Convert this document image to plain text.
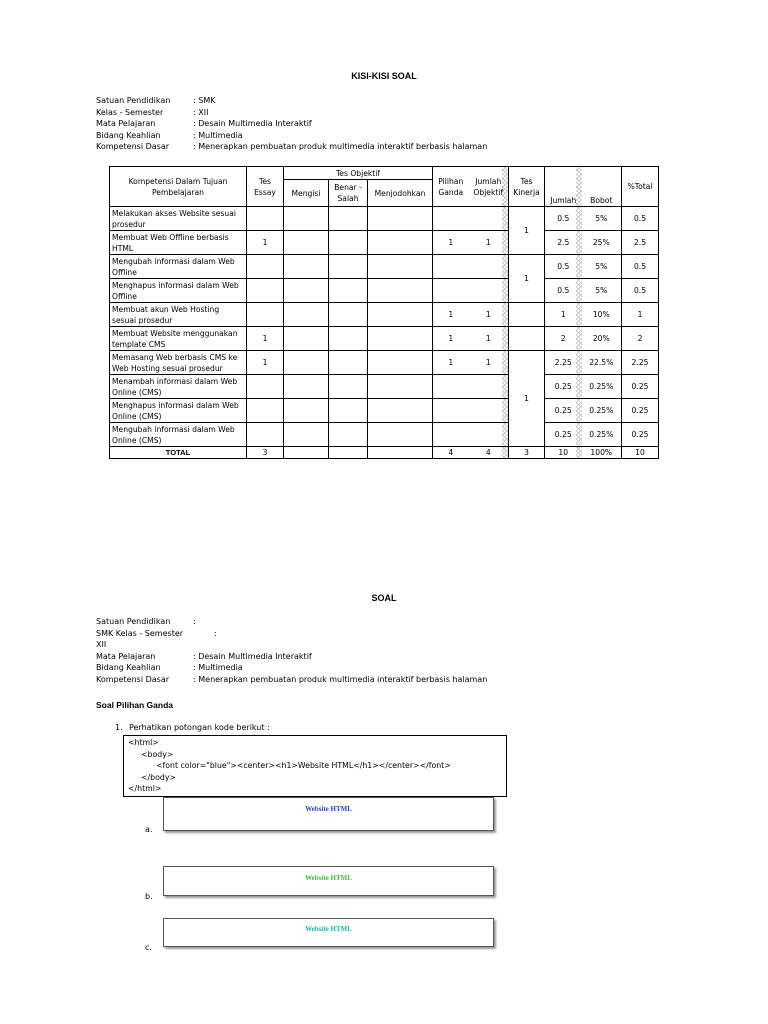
KISI-KISI SOAL
Satuan Pendidikan	: SMK
Kelas - Semester	: XII
Mata Pelajaran	: Desain Multimedia Interaktif
Bidang Keahlian	: Multimedia
Kompetensi Dasar	: Menerapkan pembuatan produk multimedia interaktif berbasis halaman
Kompetensi Dalam Tujuan Pembelajaran	Tes Essay	Tes Objektif			Pilihan Ganda	Jumlah Objektif	Tes Kinerja	Jumlah	Bobot	%Total
		Mengisi	Benar - Salah	Menjodohkan						
Melakukan akses Website sesuai prosedur							1	0.5	5%	0.5
Membuat Web Offline berbasis HTML	1				1	1		2.5	25%	2.5
Mengubah informasi dalam Web Offline							1	0.5	5%	0.5
Menghapus informasi dalam Web Offline								0.5	5%	0.5
Membuat akun Web Hosting sesuai prosedur					1	1		1	10%	1
Membuat Website menggunakan template CMS	1				1	1		2	20%	2
Memasang Web berbasis CMS ke Web Hosting sesuai prosedur	1				1	1	1	2.25	22.5%	2.25
Menambah informasi dalam Web Online (CMS)								0.25	0.25%	0.25
Menghapus informasi dalam Web Online (CMS)								0.25	0.25%	0.25
Mengubah informasi dalam Web Online (CMS)								0.25	0.25%	0.25
TOTAL	3				4	4	3	10	100%	10
SOAL
Satuan Pendidikan	:
SMK Kelas - Semester	:
XII
Mata Pelajaran	: Desain Multimedia Interaktif
Bidang Keahlian	: Multimedia
Kompetensi Dasar	: Menerapkan pembuatan produk multimedia interaktif berbasis halaman
Soal Pilihan Ganda
1. Perhatikan potongan kode berikut :
<html>
<body>
<font color="blue"><center><h1>Website HTML</h1></center></font>
</body>
</html>
Website HTML
a.
Website HTML
b.
Website HTML
c.
